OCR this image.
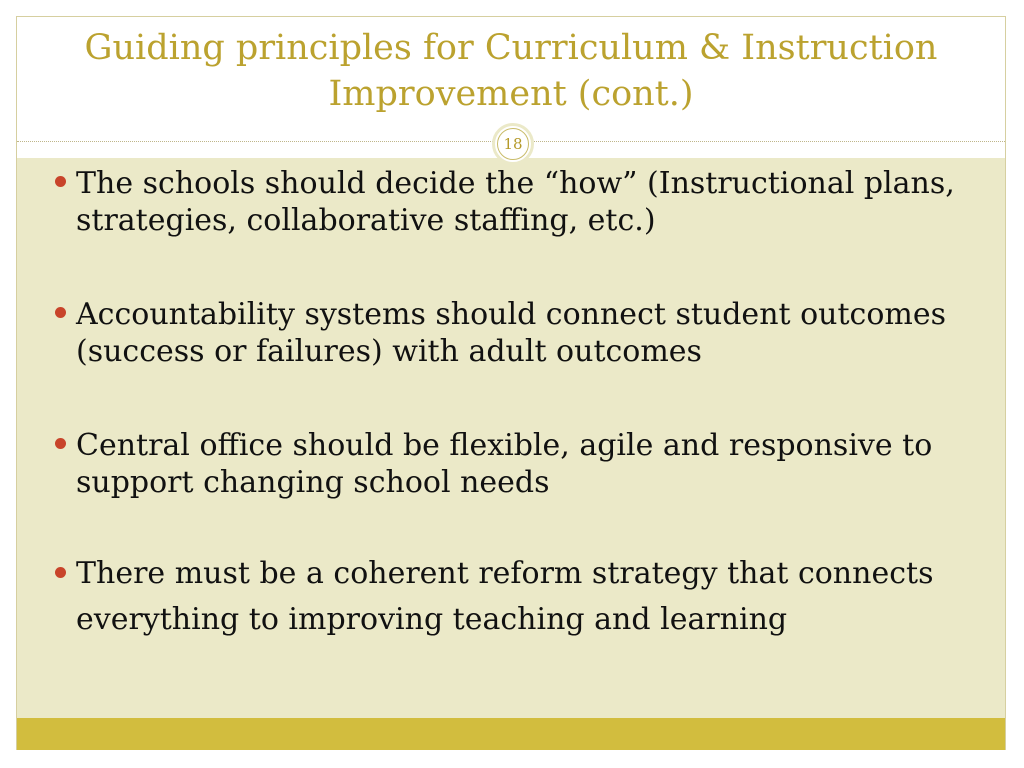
Guiding principles for Curriculum & Instruction Improvement (cont.)
18
The schools should decide the “how” (Instructional plans, strategies, collaborative staffing, etc.)
Accountability systems should connect student outcomes (success or failures) with adult outcomes
Central office should be flexible, agile and responsive to support changing school needs
There must be a coherent reform strategy that connects everything to improving teaching and learning
